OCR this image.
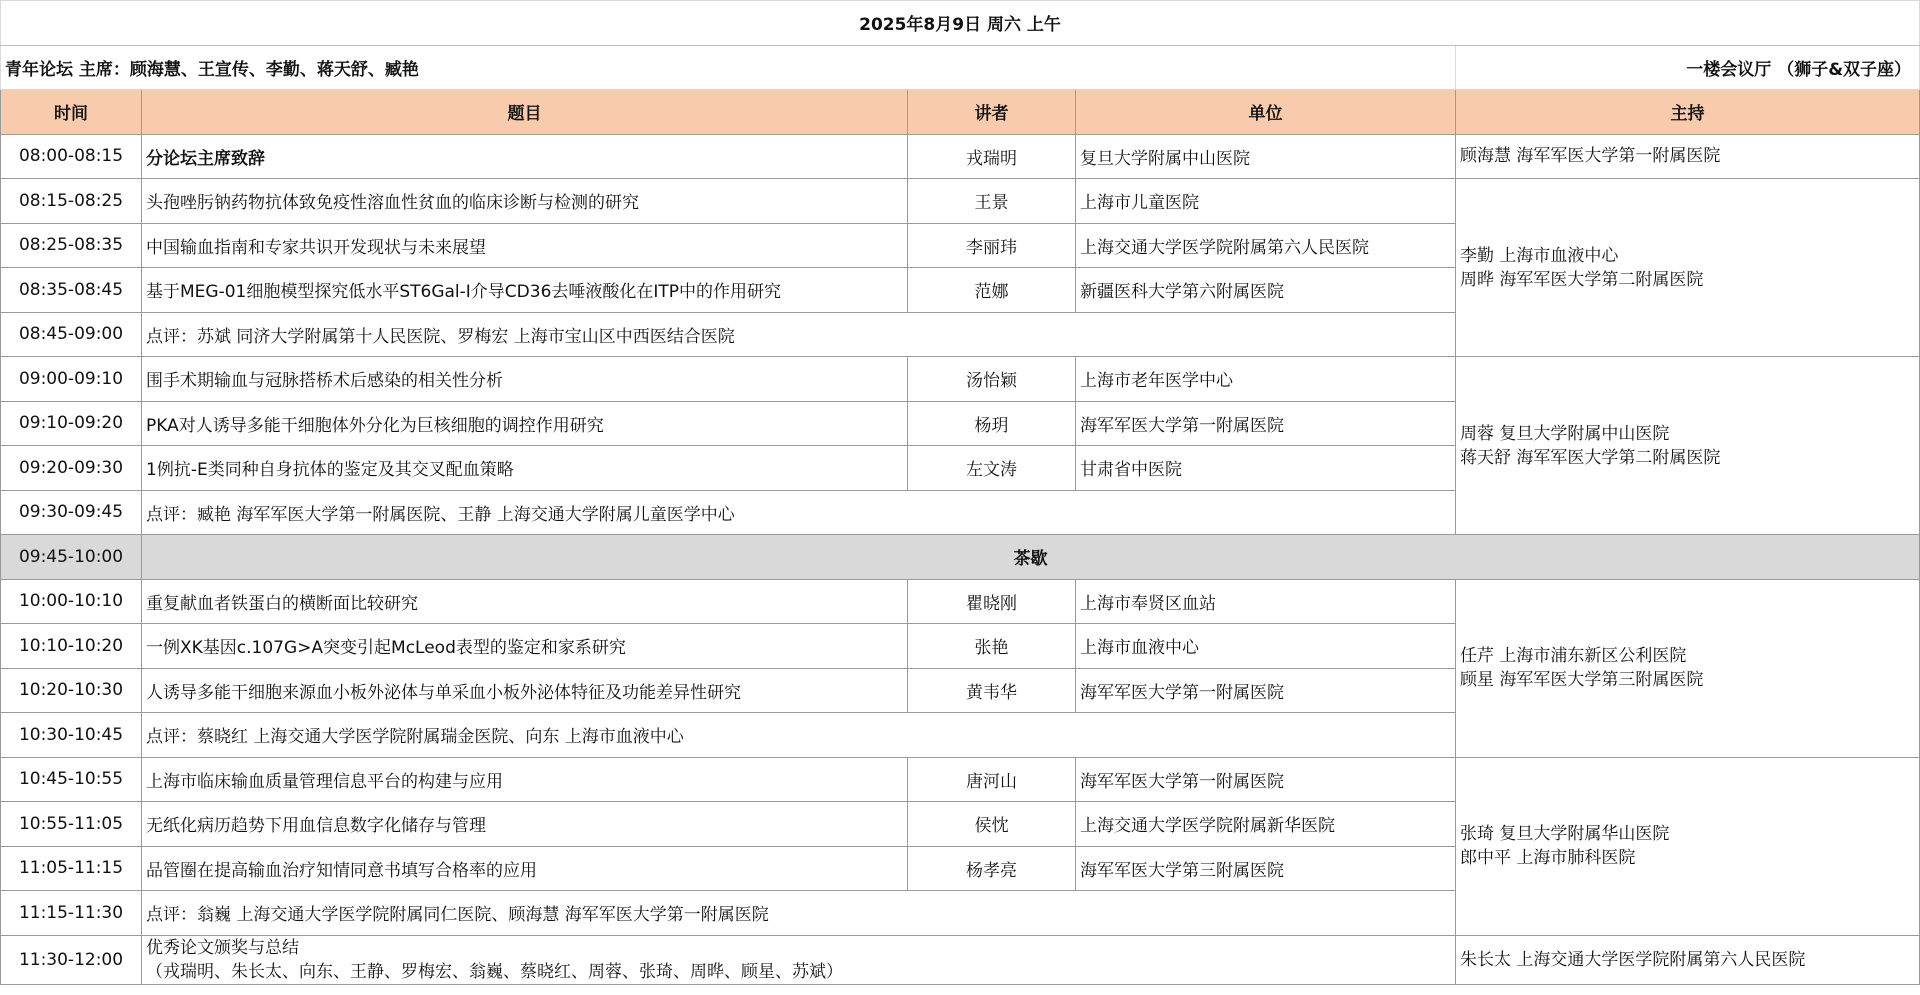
2025年8月9日 周六 上午				
青年论坛 主席：顾海慧、王宣传、李勤、蒋天舒、臧艳				一楼会议厅 （狮子&双子座）
时间	题目	讲者	单位	主持
08:00-08:15	分论坛主席致辞	戎瑞明	复旦大学附属中山医院	顾海慧 海军军医大学第一附属医院

08:15-08:25	头孢唑肟钠药物抗体致免疫性溶血性贫血的临床诊断与检测的研究	王景	上海市儿童医院	李勤 上海市血液中心
周晔 海军军医大学第二附属医院

08:25-08:35	中国输血指南和专家共识开发现状与未来展望	李丽玮	上海交通大学医学院附属第六人民医院	
08:35-08:45	基于MEG-01细胞模型探究低水平ST6Gal-I介导CD36去唾液酸化在ITP中的作用研究	范娜	新疆医科大学第六附属医院	
08:45-09:00	点评：苏斌 同济大学附属第十人民医院、罗梅宏 上海市宝山区中西医结合医院			
09:00-09:10	围手术期输血与冠脉搭桥术后感染的相关性分析	汤怡颖	上海市老年医学中心	周蓉 复旦大学附属中山医院
蒋天舒 海军军医大学第二附属医院

09:10-09:20	PKA对人诱导多能干细胞体外分化为巨核细胞的调控作用研究	杨玥	海军军医大学第一附属医院	
09:20-09:30	1例抗-E类同种自身抗体的鉴定及其交叉配血策略	左文涛	甘肃省中医院	
09:30-09:45	点评：臧艳 海军军医大学第一附属医院、王静 上海交通大学附属儿童医学中心			
09:45-10:00	茶歇			
10:00-10:10	重复献血者铁蛋白的横断面比较研究	瞿晓刚	上海市奉贤区血站	任芹 上海市浦东新区公利医院
顾星 海军军医大学第三附属医院

10:10-10:20	一例XK基因c.107G>A突变引起McLeod表型的鉴定和家系研究	张艳	上海市血液中心	
10:20-10:30	人诱导多能干细胞来源血小板外泌体与单采血小板外泌体特征及功能差异性研究	黄韦华	海军军医大学第一附属医院	
10:30-10:45	点评：蔡晓红 上海交通大学医学院附属瑞金医院、向东 上海市血液中心			
10:45-10:55	上海市临床输血质量管理信息平台的构建与应用	唐河山	海军军医大学第一附属医院	张琦 复旦大学附属华山医院
郎中平 上海市肺科医院

10:55-11:05	无纸化病历趋势下用血信息数字化储存与管理	侯忱	上海交通大学医学院附属新华医院	
11:05-11:15	品管圈在提高输血治疗知情同意书填写合格率的应用	杨孝亮	海军军医大学第三附属医院	
11:15-11:30	点评：翁巍 上海交通大学医学院附属同仁医院、顾海慧 海军军医大学第一附属医院			
11:30-12:00	优秀论文颁奖与总结
（戎瑞明、朱长太、向东、王静、罗梅宏、翁巍、蔡晓红、周蓉、张琦、周晔、顾星、苏斌）			朱长太 上海交通大学医学院附属第六人民医院
